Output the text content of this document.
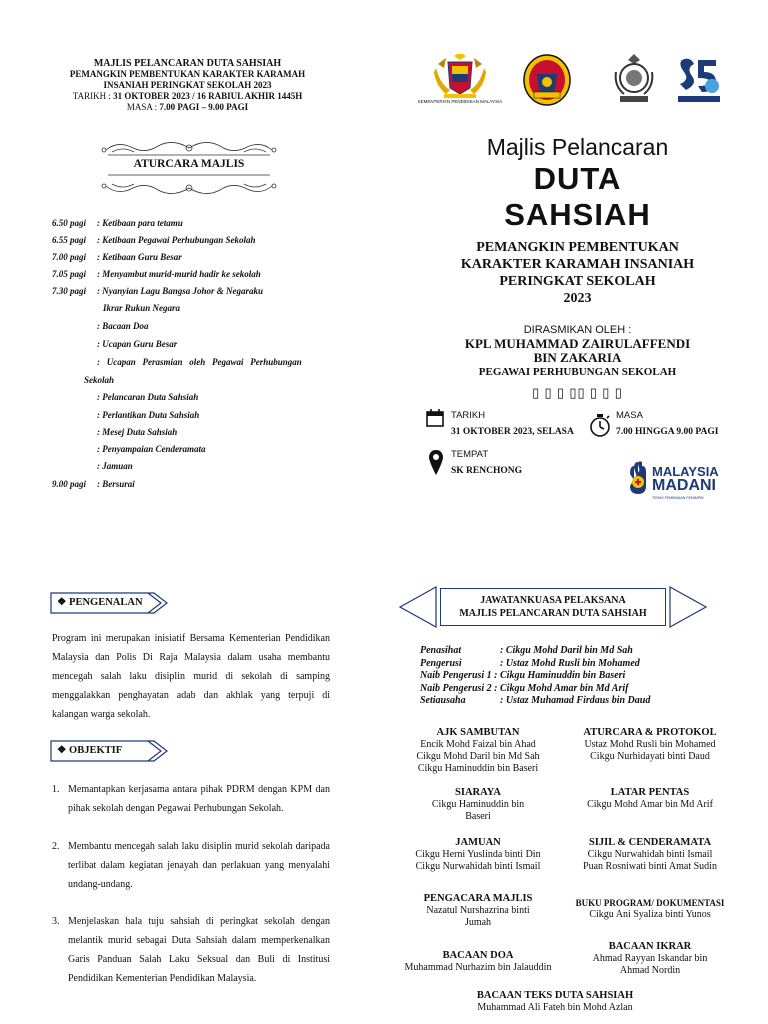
MAJLIS PELANCARAN DUTA SAHSIAH
PEMANGKIN PEMBENTUKAN KARAKTER KARAMAH
INSANIAH PERINGKAT SEKOLAH 2023
TARIKH : 31 OKTOBER 2023 / 16 RABIUL AKHIR 1445H
MASA : 7.00 PAGI – 9.00 PAGI
ATURCARA MAJLIS
6.50 pagi	: Ketibaan para tetamu
6.55 pagi	: Ketibaan Pegawai Perhubungan Sekolah
7.00 pagi	: Ketibaan Guru Besar
7.05 pagi	: Menyambut murid-murid hadir ke sekolah
7.30 pagi	: Nyanyian Lagu Bangsa Johor & Negaraku
Ikrar Rukun Negara
: Bacaan Doa
: Ucapan Guru Besar
:   Ucapan   Perasmian   oleh   Pegawai   Perhubungan
Sekolah
: Pelancaran Duta Sahsiah
: Perlantikan Duta Sahsiah
: Mesej Duta Sahsiah
: Penyampaian Cenderamata
: Jamuan
9.00 pagi	: Bersurai
KEMENTERIAN PENDIDIKAN MALAYSIA
Majlis Pelancaran
DUTA
SAHSIAH
PEMANGKIN PEMBENTUKAN
KARAKTER KARAMAH INSANIAH
PERINGKAT SEKOLAH
2023
DIRASMIKAN OLEH :
KPL MUHAMMAD ZAIRULAFFENDI
BIN ZAKARIA
PEGAWAI PERHUBUNGAN SEKOLAH
▯ ▯ ▯ ▯▯ ▯ ▯ ▯
TARIKH
31 OKTOBER 2023, SELASA
MASA
7.00 HINGGA 9.00 PAGI
TEMPAT
SK RENCHONG	MALAYSIA
MADANI
TERAS PEMBINAAN PEMIMPIN
❖ PENGENALAN
Program ini merupakan inisiatif Bersama Kementerian Pendidikan Malaysia dan Polis Di Raja Malaysia dalam usaha membantu mencegah salah laku disiplin murid di sekolah di samping menggalakkan penghayatan adab dan akhlak yang terpuji di kalangan warga sekolah.
❖ OBJEKTIF
1. Memantapkan kerjasama antara pihak PDRM dengan KPM dan pihak sekolah dengan Pegawai Perhubungan Sekolah.
2. Membantu mencegah salah laku disiplin murid sekolah daripada terlibat dalam kegiatan jenayah dan perlakuan yang menyalahi undang-undang.
3. Menjelaskan hala tuju sahsiah di peringkat sekolah dengan melantik murid sebagai Duta Sahsiah dalam memperkenalkan Garis Panduan Salah Laku Seksual dan Buli di Institusi Pendidikan Kementerian Pendidikan Malaysia.
JAWATANKUASA PELAKSANA
MAJLIS PELANCARAN DUTA SAHSIAH
Penasihat	: Cikgu Mohd Daril bin Md Sah
Pengerusi	: Ustaz Mohd Rusli bin Mohamed
Naib Pengerusi 1 : Cikgu Haminuddin bin Baseri
Naib Pengerusi 2 : Cikgu Mohd Amar bin Md Arif
Setiausaha	: Ustaz Muhamad Firdaus bin Daud
AJK SAMBUTAN
Encik Mohd Faizal bin Ahad
Cikgu Mohd Daril bin Md Sah
Cikgu Haminuddin bin Baseri
ATURCARA & PROTOKOL
Ustaz Mohd Rusli bin Mohamed
Cikgu Nurhidayati binti Daud
SIARAYA
Cikgu Haminuddin bin
Baseri
LATAR PENTAS
Cikgu Mohd Amar bin Md Arif
JAMUAN
Cikgu Herni Yuslinda binti Din
Cikgu Nurwahidah binti Ismail
SIJIL & CENDERAMATA
Cikgu Nurwahidah binti Ismail
Puan Rosniwati binti Amat Sudin
PENGACARA MAJLIS
Nazatul Nurshazrina binti
Jumah
BUKU PROGRAM/ DOKUMENTASI
Cikgu Ani Syaliza binti Yunos
BACAAN DOA
Muhammad Nurhazim bin Jalauddin
BACAAN IKRAR
Ahmad Rayyan Iskandar bin
Ahmad Nordin
BACAAN TEKS DUTA SAHSIAH
Muhammad Ali Fateh bin Mohd Azlan
